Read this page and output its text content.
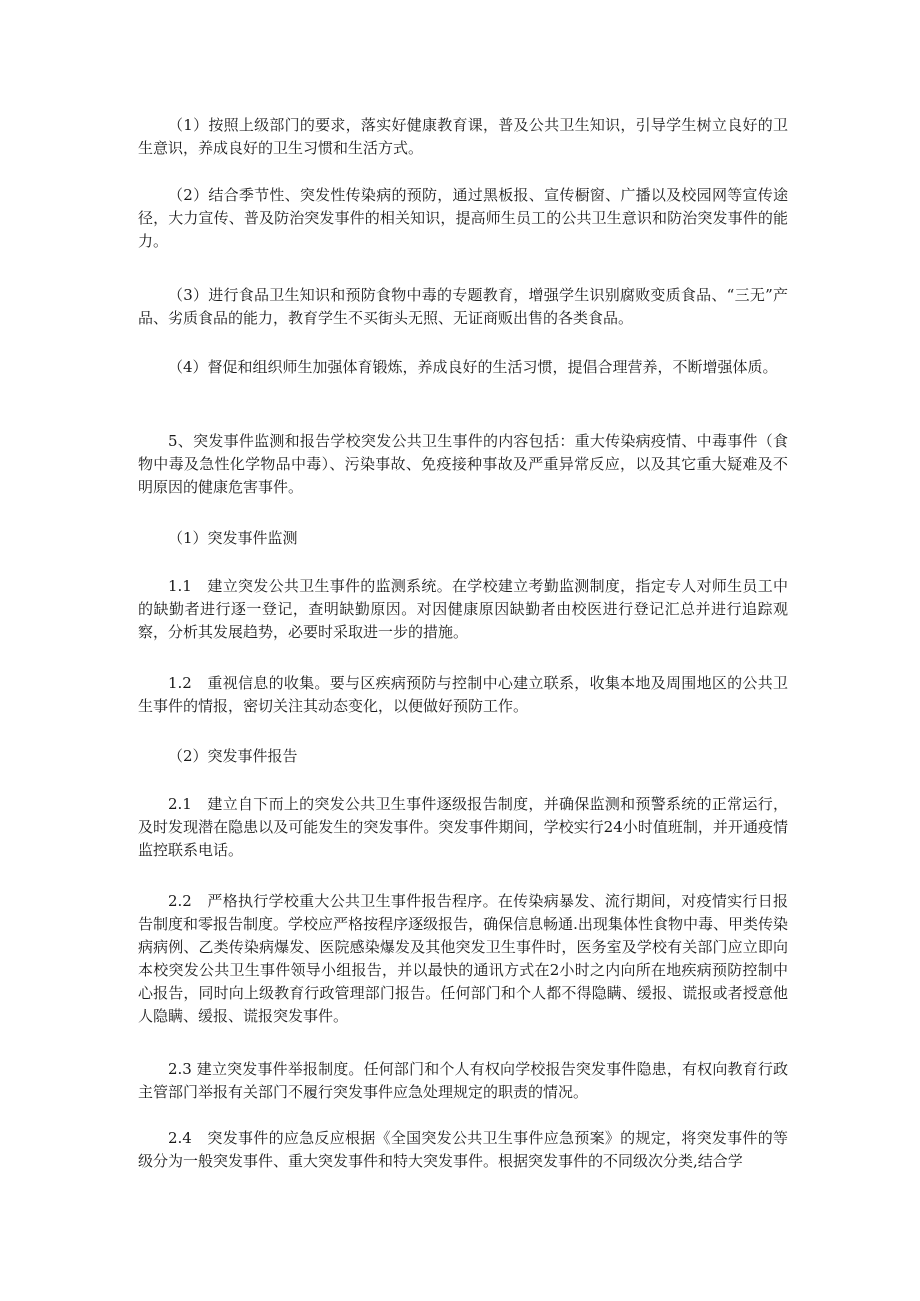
（1）按照上级部门的要求，落实好健康教育课，普及公共卫生知识，引导学生树立良好的卫生意识，养成良好的卫生习惯和生活方式。

（2）结合季节性、突发性传染病的预防，通过黑板报、宣传橱窗、广播以及校园网等宣传途径，大力宣传、普及防治突发事件的相关知识，提高师生员工的公共卫生意识和防治突发事件的能力。

（3）进行食品卫生知识和预防食物中毒的专题教育，增强学生识别腐败变质食品、“三无”产品、劣质食品的能力，教育学生不买街头无照、无证商贩出售的各类食品。

（4）督促和组织师生加强体育锻炼，养成良好的生活习惯，提倡合理营养，不断增强体质。

5、突发事件监测和报告学校突发公共卫生事件的内容包括：重大传染病疫情、中毒事件（食物中毒及急性化学物品中毒）、污染事故、免疫接种事故及严重异常反应，以及其它重大疑难及不明原因的健康危害事件。

（1）突发事件监测

1.1　建立突发公共卫生事件的监测系统。在学校建立考勤监测制度，指定专人对师生员工中的缺勤者进行逐一登记，查明缺勤原因。对因健康原因缺勤者由校医进行登记汇总并进行追踪观察，分析其发展趋势，必要时采取进一步的措施。

1.2　重视信息的收集。要与区疾病预防与控制中心建立联系，收集本地及周围地区的公共卫生事件的情报，密切关注其动态变化，以便做好预防工作。

（2）突发事件报告

2.1　建立自下而上的突发公共卫生事件逐级报告制度，并确保监测和预警系统的正常运行，及时发现潜在隐患以及可能发生的突发事件。突发事件期间，学校实行24小时值班制，并开通疫情监控联系电话。

2.2　严格执行学校重大公共卫生事件报告程序。在传染病暴发、流行期间，对疫情实行日报告制度和零报告制度。学校应严格按程序逐级报告，确保信息畅通.出现集体性食物中毒、甲类传染病病例、乙类传染病爆发、医院感染爆发及其他突发卫生事件时，医务室及学校有关部门应立即向本校突发公共卫生事件领导小组报告，并以最快的通讯方式在2小时之内向所在地疾病预防控制中心报告，同时向上级教育行政管理部门报告。任何部门和个人都不得隐瞒、缓报、谎报或者授意他人隐瞒、缓报、谎报突发事件。

2.3 建立突发事件举报制度。任何部门和个人有权向学校报告突发事件隐患，有权向教育行政主管部门举报有关部门不履行突发事件应急处理规定的职责的情况。

2.4　突发事件的应急反应根据《全国突发公共卫生事件应急预案》的规定，将突发事件的等级分为一般突发事件、重大突发事件和特大突发事件。根据突发事件的不同级次分类,结合学
